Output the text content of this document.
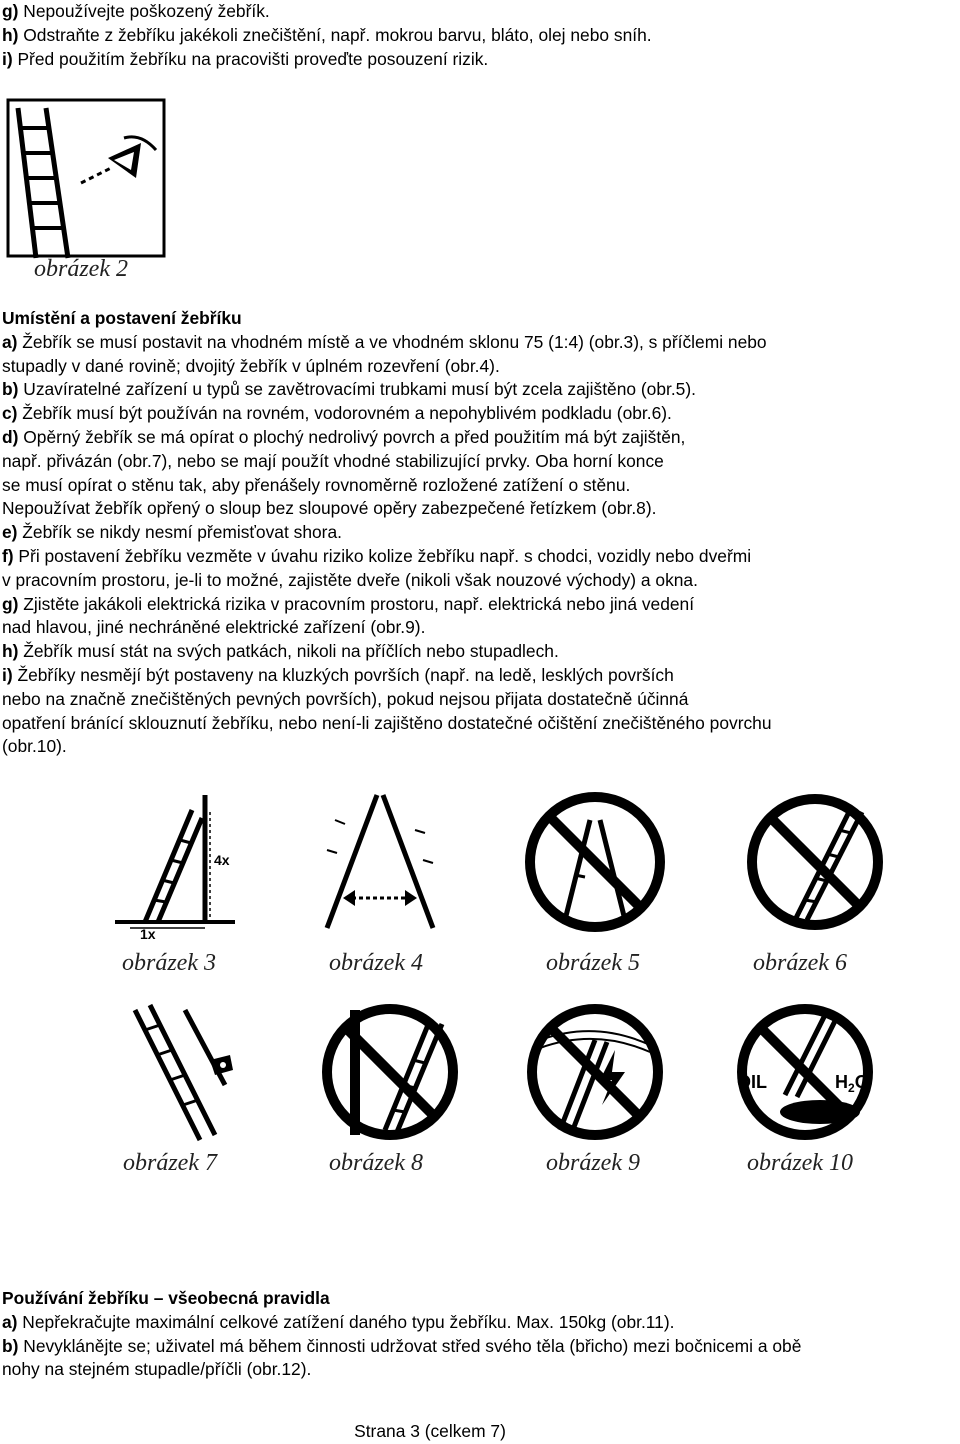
g) Nepoužívejte poškozený žebřík.
h) Odstraňte z žebříku jakékoli znečištění, např. mokrou barvu, bláto, olej nebo sníh.
i) Před použitím žebříku na pracovišti proveďte posouzení rizik.
obrázek 2
Umístění a postavení žebříku
a) Žebřík se musí postavit na vhodném místě a ve vhodném sklonu 75 (1:4) (obr.3), s příčlemi nebo
stupadly v dané rovině; dvojitý žebřík v úplném rozevření (obr.4).
b) Uzavíratelné zařízení u typů se zavětrovacími trubkami musí být zcela zajištěno (obr.5).
c) Žebřík musí být používán na rovném, vodorovném a nepohyblivém podkladu (obr.6).
d) Opěrný žebřík se má opírat o plochý nedrolivý povrch a před použitím má být zajištěn,
např. přivázán (obr.7), nebo se mají použít vhodné stabilizující prvky. Oba horní konce
se musí opírat o stěnu tak, aby přenášely rovnoměrně rozložené zatížení o stěnu.
Nepoužívat žebřík opřený o sloup bez sloupové opěry zabezpečené řetízkem (obr.8).
e) Žebřík se nikdy nesmí přemisťovat shora.
f) Při postavení žebříku vezměte v úvahu riziko kolize žebříku např. s chodci, vozidly nebo dveřmi
v pracovním prostoru, je-li to možné, zajistěte dveře (nikoli však nouzové východy) a okna.
g) Zjistěte jakákoli elektrická rizika v pracovním prostoru, např. elektrická nebo jiná vedení
nad hlavou, jiné nechráněné elektrické zařízení (obr.9).
h) Žebřík musí stát na svých patkách, nikoli na příčlích nebo stupadlech.
i) Žebříky nesmějí být postaveny na kluzkých površích (např. na ledě, lesklých površích
nebo na značně znečištěných pevných površích), pokud nejsou přijata dostatečně účinná
opatření bránící sklouznutí žebříku, nebo není-li zajištěno dostatečné očištění znečištěného povrchu
(obr.10).
4x
1x
obrázek 3	obrázek 4	obrázek 5	obrázek 6
obrázek 7	obrázek 8	obrázek 9
OIL	$H_2O$
obrázek 10
Používání žebříku – všeobecná pravidla
a) Nepřekračujte maximální celkové zatížení daného typu žebříku. Max. 150kg (obr.11).
b) Nevykláněјte se; uživatel má během činnosti udržovat střed svého těla (břicho) mezi bočnicemi a obě
nohy na stejném stupadle/příčli (obr.12).
Strana 3 (celkem 7)
